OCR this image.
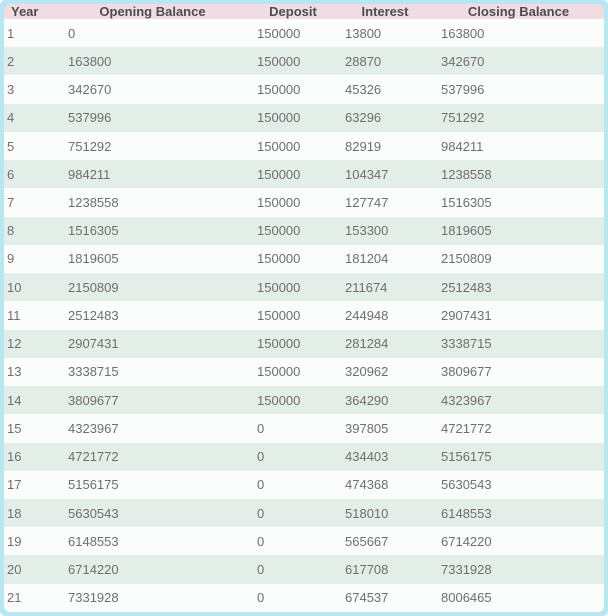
Year	Opening Balance	Deposit	Interest	Closing Balance
1	0	150000	13800	163800
2	163800	150000	28870	342670
3	342670	150000	45326	537996
4	537996	150000	63296	751292
5	751292	150000	82919	984211
6	984211	150000	104347	1238558
7	1238558	150000	127747	1516305
8	1516305	150000	153300	1819605
9	1819605	150000	181204	2150809
10	2150809	150000	211674	2512483
11	2512483	150000	244948	2907431
12	2907431	150000	281284	3338715
13	3338715	150000	320962	3809677
14	3809677	150000	364290	4323967
15	4323967	0	397805	4721772
16	4721772	0	434403	5156175
17	5156175	0	474368	5630543
18	5630543	0	518010	6148553
19	6148553	0	565667	6714220
20	6714220	0	617708	7331928
21	7331928	0	674537	8006465
